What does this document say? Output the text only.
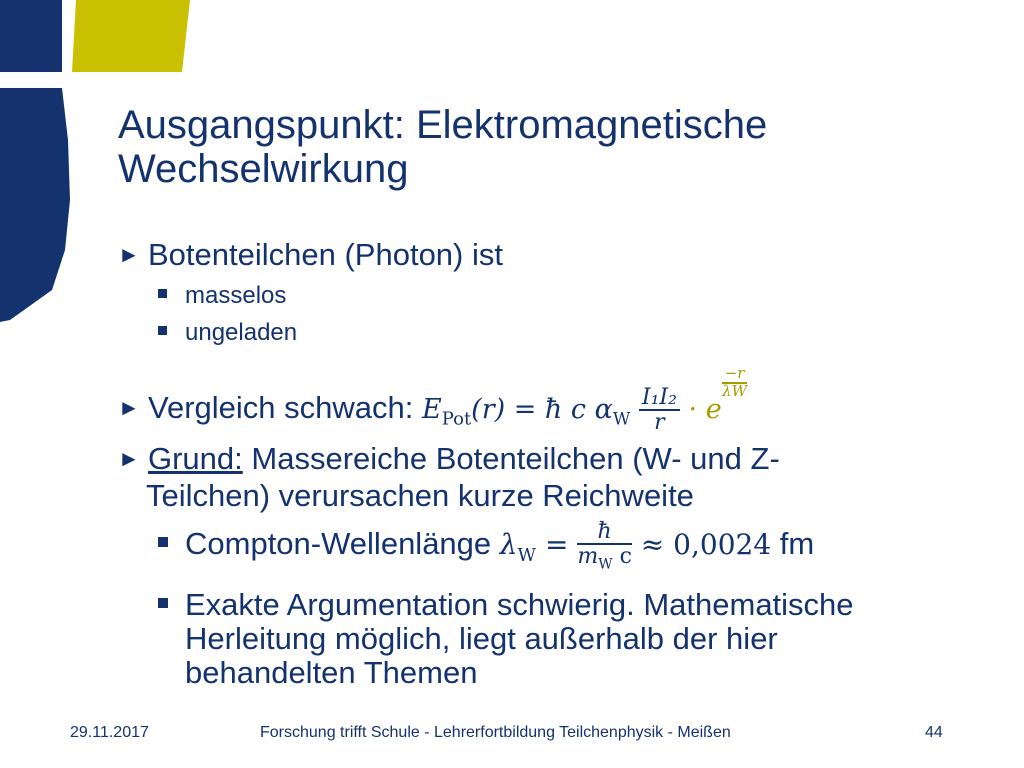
Ausgangspunkt: Elektromagnetische
Wechselwirkung
► Botenteilchen (Photon) ist
masselos
ungeladen
► Vergleich schwach: $E_{Pot}(r)$ = ħ c $\alpha_W \frac{\text{I₁I₂}}{r} \cdot e$
$\frac{-r}{\lambda W}$
► Grund: Massereiche Botenteilchen (W- und Z-
Teilchen) verursachen kurze Reichweite
Compton-Wellenlänge $\lambda_W = \frac{ħ}{m_W c} \approx 0,0024$ fm
Exakte Argumentation schwierig. Mathematische
Herleitung möglich, liegt außerhalb der hier
behandelten Themen
29.11.2017	Forschung trifft Schule - Lehrerfortbildung Teilchenphysik - Meißen	44
